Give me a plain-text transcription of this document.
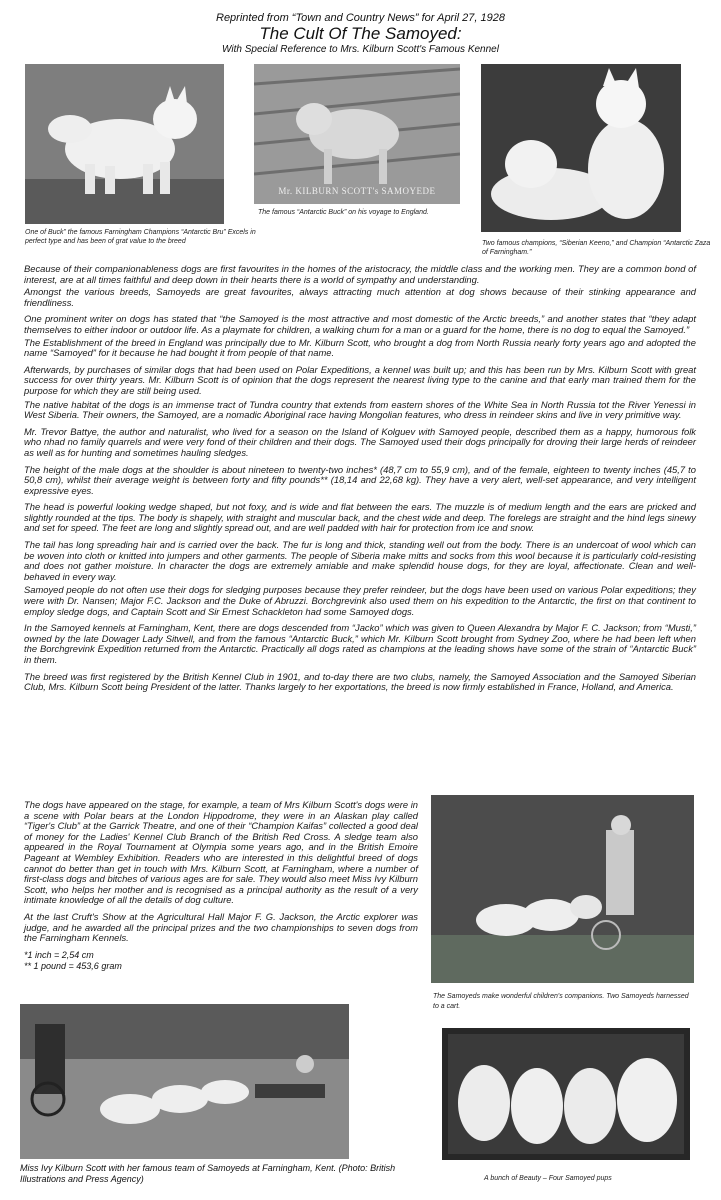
Reprinted from “Town and Country News” for April 27, 1928
The Cult Of The Samoyed:
With Special Reference to Mrs. Kilburn Scott's Famous Kennel
One of Buck” the famous Farningham Champions “Antarctic Bru” Excels in perfect type and has been of grat value to the breed
Mr. KILBURN SCOTT's SAMOYEDE
The famous “Antarctic Buck” on his voyage to England.
Two famous champions, “Siberian Keeno,” and Champion “Antarctic Zaza of Farningham.”

Because of their companionableness dogs are first favourites in the homes of the aristocracy, the middle class and the working men. They are a common bond of interest, are at all times faithful and deep down in their hearts there is a world of sympathy and understanding.

Amongst the various breeds, Samoyeds are great favourites, always attracting much attention at dog shows because of their stinking appearance and friendliness.

One prominent writer on dogs has stated that “the Samoyed is the most attractive and most domestic of the Arctic breeds,” and another states that “they adapt themselves to either indoor or outdoor life. As a playmate for children, a walking chum for a man or a guard for the home, there is no dog to equal the Samoyed.”

The Establishment of the breed in England was principally due to Mr. Kilburn Scott, who brought a dog from North Russia nearly forty years ago and adopted the name “Samoyed” for it because he had bought it from people of that name.

Afterwards, by purchases of similar dogs that had been used on Polar Expeditions, a kennel was built up; and this has been run by Mrs. Kilburn Scott with great success for over thirty years. Mr. Kilburn Scott is of opinion that the dogs represent the nearest living type to the canine and that early man trained them for the purpose for which they are still being used.

The native habitat of the dogs is an immense tract of Tundra country that extends from eastern shores of the White Sea in North Russia tot the River Yenessi in West Siberia. Their owners, the Samoyed, are a nomadic Aboriginal race having Mongolian features, who dress in reindeer skins and live in very primitive way.

Mr. Trevor Battye, the author and naturalist, who lived for a season on the Island of Kolguev with Samoyed people, described them as a happy, humorous folk who nhad no family quarrels and were very fond of their children and their dogs. The Samoyed used their dogs principally for droving their large herds of reindeer as well as for hunting and sometimes hauling sledges.

The height of the male dogs at the shoulder is about nineteen to twenty-two inches* (48,7 cm to 55,9 cm), and of the female, eighteen to twenty inches (45,7 to 50,8 cm), whilst their average weight is between forty and fifty pounds** (18,14 and 22,68 kg). They have a very alert, well-set appearance, and very intelligent expressive eyes.

The head is powerful looking wedge shaped, but not foxy, and is wide and flat between the ears. The muzzle is of medium length and the ears are pricked and slightly rounded at the tips. The body is shapely, with straight and muscular back, and the chest wide and deep. The forelegs are straight and the hind legs sinewy and set for speed. The feet are long and slightly spread out, and are well padded with hair for protection from ice and snow.

The tail has long spreading hair and is carried over the back. The fur is long and thick, standing well out from the body. There is an undercoat of wool which can be woven into cloth or knitted into jumpers and other garments. The people of Siberia make mitts and socks from this wool because it is particularly cold-resisting and does not gather moisture. In character the dogs are extremely amiable and make splendid house dogs, for they are loyal, affectionate. Clean and well-behaved in every way.

Samoyed people do not often use their dogs for sledging purposes because they prefer reindeer, but the dogs have been used on various Polar expeditions; they were with Dr. Nansen; Major F.C. Jackson and the Duke of Abruzzi. Borchgrevink also used them on his expedition to the Antarctic, the first on that continent to employ sledge dogs, and Captain Scott and Sir Ernest Schackleton had some Samoyed dogs.

In the Samoyed kennels at Farningham, Kent, there are dogs descended from “Jacko” which was given to Queen Alexandra by Major F. C. Jackson; from “Musti,” owned by the late Dowager Lady Sitwell, and from the famous “Antarctic Buck,” which Mr. Kilburn Scott brought from Sydney Zoo, where he had been left when the Borchgrevink Expedition returned from the Antarctic. Practically all dogs rated as champions at the leading shows have some of the strain of “Antarctic Buck” in them.

The breed was first registered by the British Kennel Club in 1901, and to-day there are two clubs, namely, the Samoyed Association and the Samoyed Siberian Club, Mrs. Kilburn Scott being President of the latter. Thanks largely to her exportations, the breed is now firmly established in France, Holland, and America.

The dogs have appeared on the stage, for example, a team of Mrs Kilburn Scott's dogs were in a scene with Polar bears at the London Hippodrome, they were in an Alaskan play called “Tiger's Club” at the Garrick Theatre, and one of their “Champion Kaifas” collected a good deal of money for the Ladies' Kennel Club Branch of the British Red Cross. A sledge team also appeared in the Royal Tournament at Olympia some years ago, and in the British Emoire Pageant at Wembley Exhibition. Readers who are interested in this delightful breed of dogs cannot do better than get in touch with Mrs. Kilburn Scott, at Farningham, where a number of first-class dogs and bitches of various ages are for sale. They would also meet Miss Ivy Kilburn Scott, who helps her mother and is recognised as a principal authority as the result of a very intimate knowledge of all the details of dog culture.

At the last Cruft's Show at the Agricultural Hall Major F. G. Jackson, the Arctic explorer was judge, and he awarded all the principal prizes and the two championships to seven dogs from the Farningham Kennels.

*1 inch = 2,54 cm
** 1 pound = 453,6 gram
The Samoyeds make wonderful children's companions. Two Samoyeds harnessed to a cart.
Miss Ivy Kilburn Scott with her famous team of Samoyeds at Farningham, Kent. (Photo: British Illustrations and Press Agency)	A bunch of Beauty – Four Samoyed pups
